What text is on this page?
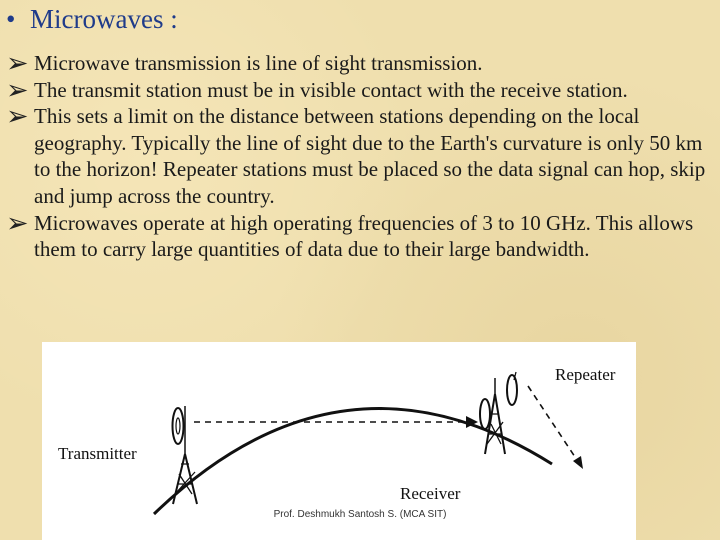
• Microwaves :
➢ Microwave transmission is line of sight transmission.
➢ The transmit station must be in visible contact with the receive station.
➢ This sets a limit on the distance between stations depending on the local geography. Typically the line of sight due to the Earth's curvature is only 50 km to the horizon! Repeater stations must be placed so the data signal can hop, skip and jump across the country.
➢ Microwaves operate at high operating frequencies of 3 to 10 GHz. This allows them to carry large quantities of data due to their large bandwidth.
Transmitter
Receiver
Repeater
Prof. Deshmukh Santosh S. (MCA SIT)
